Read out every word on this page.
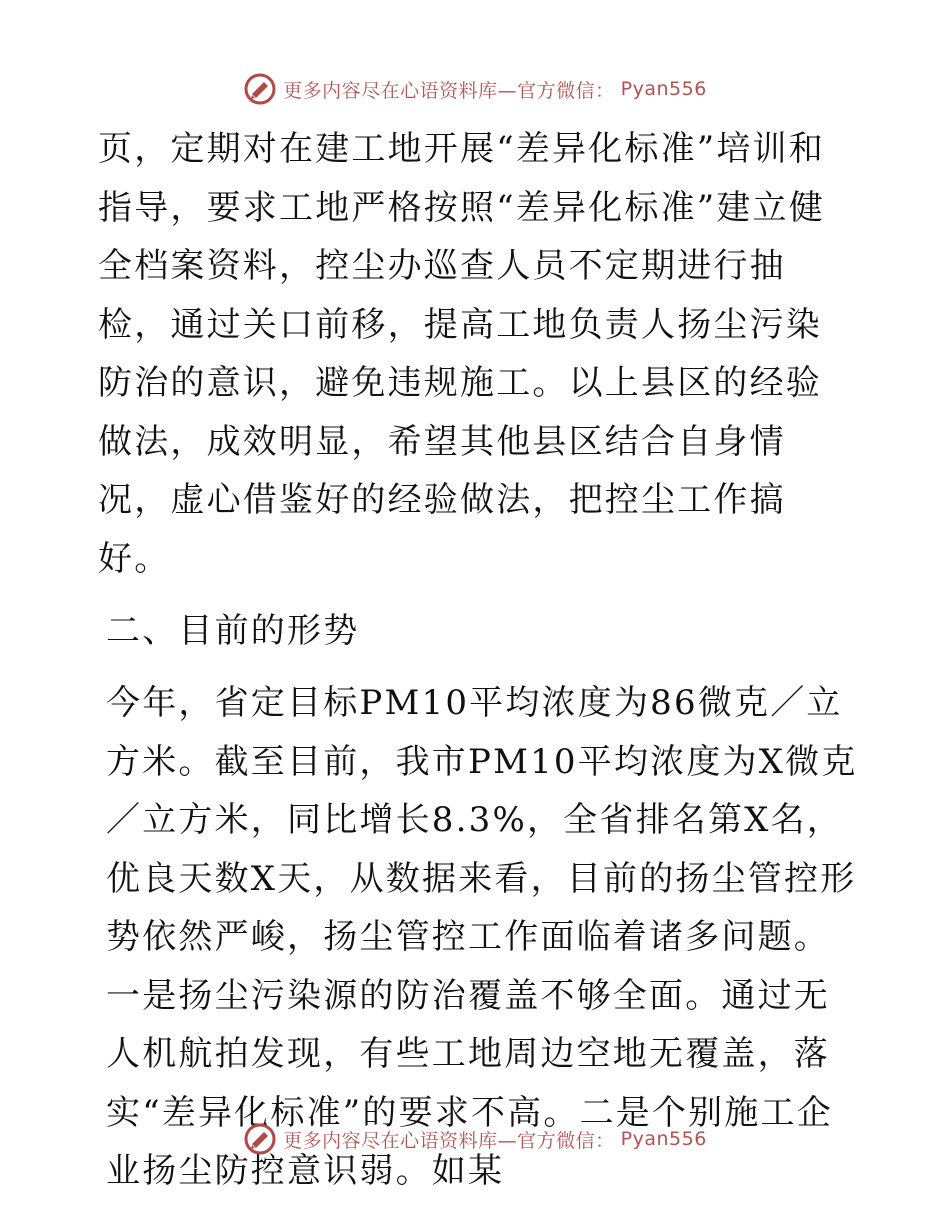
更多内容尽在心语资料库—官方微信： Pyan556

页，定期对在建工地开展“差异化标准”培训和指导，要求工地严格按照“差异化标准”建立健全档案资料，控尘办巡查人员不定期进行抽检，通过关口前移，提高工地负责人扬尘污染防治的意识，避免违规施工。以上县区的经验做法，成效明显，希望其他县区结合自身情况，虚心借鉴好的经验做法，把控尘工作搞好。

二、目前的形势

今年，省定目标PM10平均浓度为86微克／立方米。截至目前，我市PM10平均浓度为X微克／立方米，同比增长8.3%，全省排名第X名，优良天数X天，从数据来看，目前的扬尘管控形势依然严峻，扬尘管控工作面临着诸多问题。一是扬尘污染源的防治覆盖不够全面。通过无人机航拍发现，有些工地周边空地无覆盖，落实“差异化标准”的要求不高。二是个别施工企业扬尘防控意识弱。如某

更多内容尽在心语资料库—官方微信： Pyan556
